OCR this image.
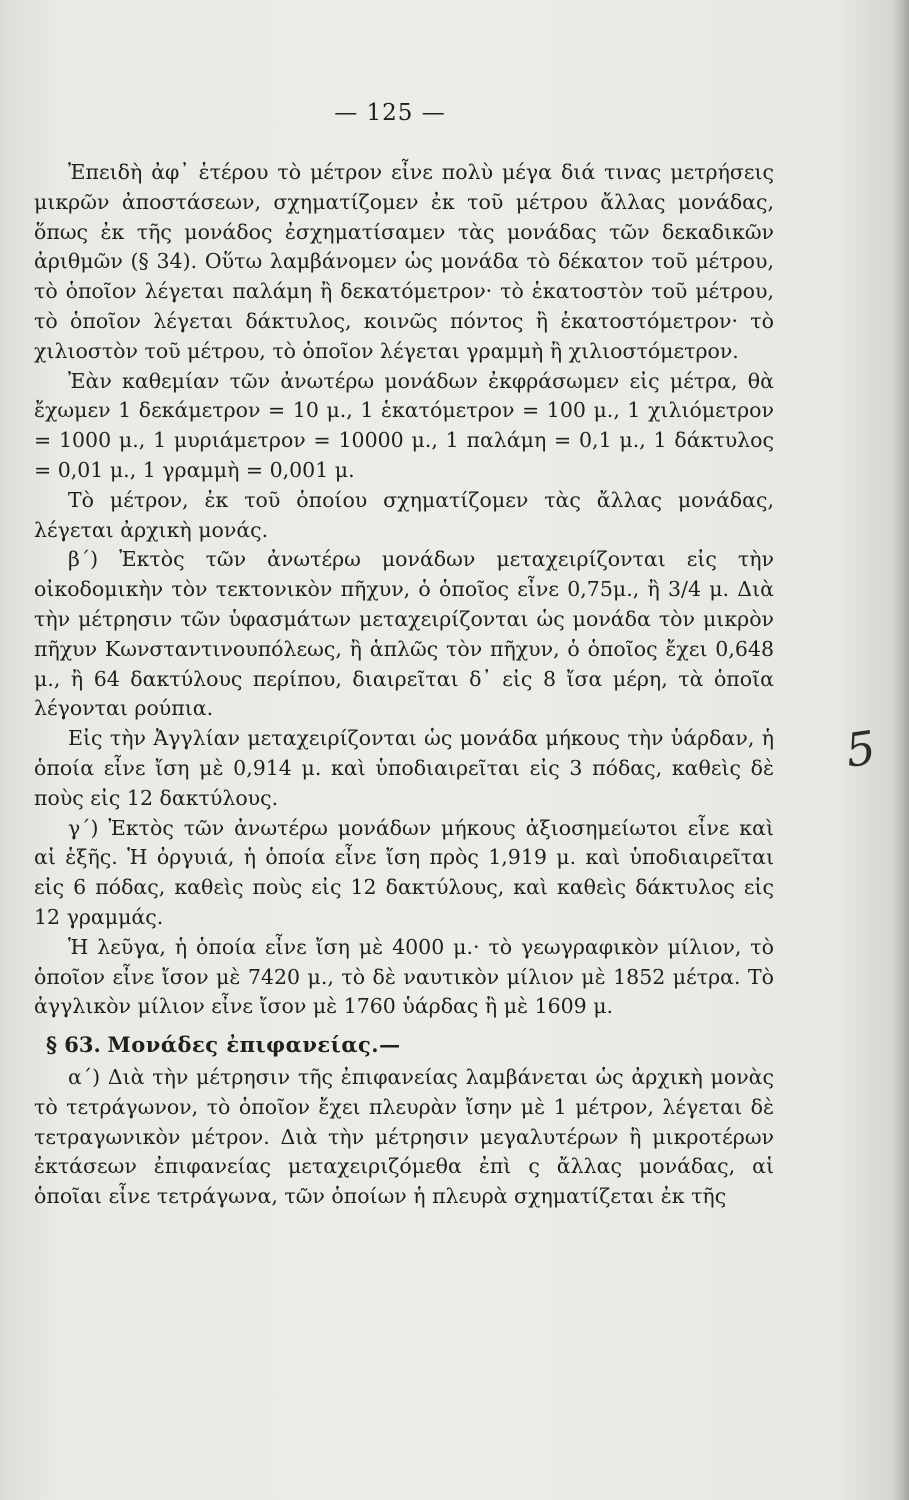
— 125 —

Ἐπειδὴ ἀφ᾽ ἑτέρου τὸ μέτρον εἶνε πολὺ μέγα διά τινας μετρήσεις μικρῶν ἀποστάσεων, σχηματίζομεν ἐκ τοῦ μέτρου ἄλλας μονάδας, ὅπως ἐκ τῆς μονάδος ἐσχηματίσαμεν τὰς μονάδας τῶν δεκαδικῶν ἀριθμῶν (§ 34). Οὕτω λαμβάνομεν ὡς μονάδα τὸ δέκατον τοῦ μέτρου, τὸ ὁποῖον λέγεται παλάμη ἢ δεκατόμετρον· τὸ ἑκατοστὸν τοῦ μέτρου, τὸ ὁποῖον λέγεται δάκτυλος, κοινῶς πόντος ἢ ἑκατοστόμετρον· τὸ χιλιοστὸν τοῦ μέτρου, τὸ ὁποῖον λέγεται γραμμὴ ἢ χιλιοστόμετρον.

Ἐὰν καθεμίαν τῶν ἀνωτέρω μονάδων ἐκφράσωμεν εἰς μέτρα, θὰ ἔχωμεν 1 δεκάμετρον = 10 μ., 1 ἑκατόμετρον = 100 μ., 1 χιλιόμετρον = 1000 μ., 1 μυριάμετρον = 10000 μ., 1 παλάμη = 0,1 μ., 1 δάκτυλος = 0,01 μ., 1 γραμμὴ = 0,001 μ.

Τὸ μέτρον, ἐκ τοῦ ὁποίου σχηματίζομεν τὰς ἄλλας μονάδας, λέγεται ἀρχικὴ μονάς.

β΄) Ἐκτὸς τῶν ἀνωτέρω μονάδων μεταχειρίζονται εἰς τὴν οἰκοδομικὴν τὸν τεκτονικὸν πῆχυν, ὁ ὁποῖος εἶνε 0,75μ., ἢ 3/4 μ. Διὰ τὴν μέτρησιν τῶν ὑφασμάτων μεταχειρίζονται ὡς μονάδα τὸν μικρὸν πῆχυν Κωνσταντινουπόλεως, ἢ ἁπλῶς τὸν πῆχυν, ὁ ὁποῖος ἔχει 0,648 μ., ἢ 64 δακτύλους περίπου, διαιρεῖται δ᾽ εἰς 8 ἴσα μέρη, τὰ ὁποῖα λέγονται ρούπια.

Εἰς τὴν Ἀγγλίαν μεταχειρίζονται ὡς μονάδα μήκους τὴν ὑάρδαν, ἡ ὁποία εἶνε ἴση μὲ 0,914 μ. καὶ ὑποδιαιρεῖται εἰς 3 πόδας, καθεὶς δὲ ποὺς εἰς 12 δακτύλους.

γ΄) Ἐκτὸς τῶν ἀνωτέρω μονάδων μήκους ἀξιοσημείωτοι εἶνε καὶ αἱ ἑξῆς. Ἡ ὀργυιά, ἡ ὁποία εἶνε ἴση πρὸς 1,919 μ. καὶ ὑποδιαιρεῖται εἰς 6 πόδας, καθεὶς ποὺς εἰς 12 δακτύλους, καὶ καθεὶς δάκτυλος εἰς 12 γραμμάς.

Ἡ λεῦγα, ἡ ὁποία εἶνε ἴση μὲ 4000 μ.· τὸ γεωγραφικὸν μίλιον, τὸ ὁποῖον εἶνε ἴσον μὲ 7420 μ., τὸ δὲ ναυτικὸν μίλιον μὲ 1852 μέτρα. Τὸ ἀγγλικὸν μίλιον εἶνε ἴσον μὲ 1760 ὑάρδας ἢ μὲ 1609 μ.

§ 63. Μονάδες ἐπιφανείας.—

α΄) Διὰ τὴν μέτρησιν τῆς ἐπιφανείας λαμβάνεται ὡς ἀρχικὴ μονὰς τὸ τετράγωνον, τὸ ὁποῖον ἔχει πλευρὰν ἴσην μὲ 1 μέτρον, λέγεται δὲ τετραγωνικὸν μέτρον. Διὰ τὴν μέτρησιν μεγαλυτέρων ἢ μικροτέρων ἐκτάσεων ἐπιφανείας μεταχειριζόμεθα ἐπὶ ς ἄλλας μονάδας, αἱ ὁποῖαι εἶνε τετράγωνα, τῶν ὁποίων ἡ πλευρὰ σχηματίζεται ἐκ τῆς

5
